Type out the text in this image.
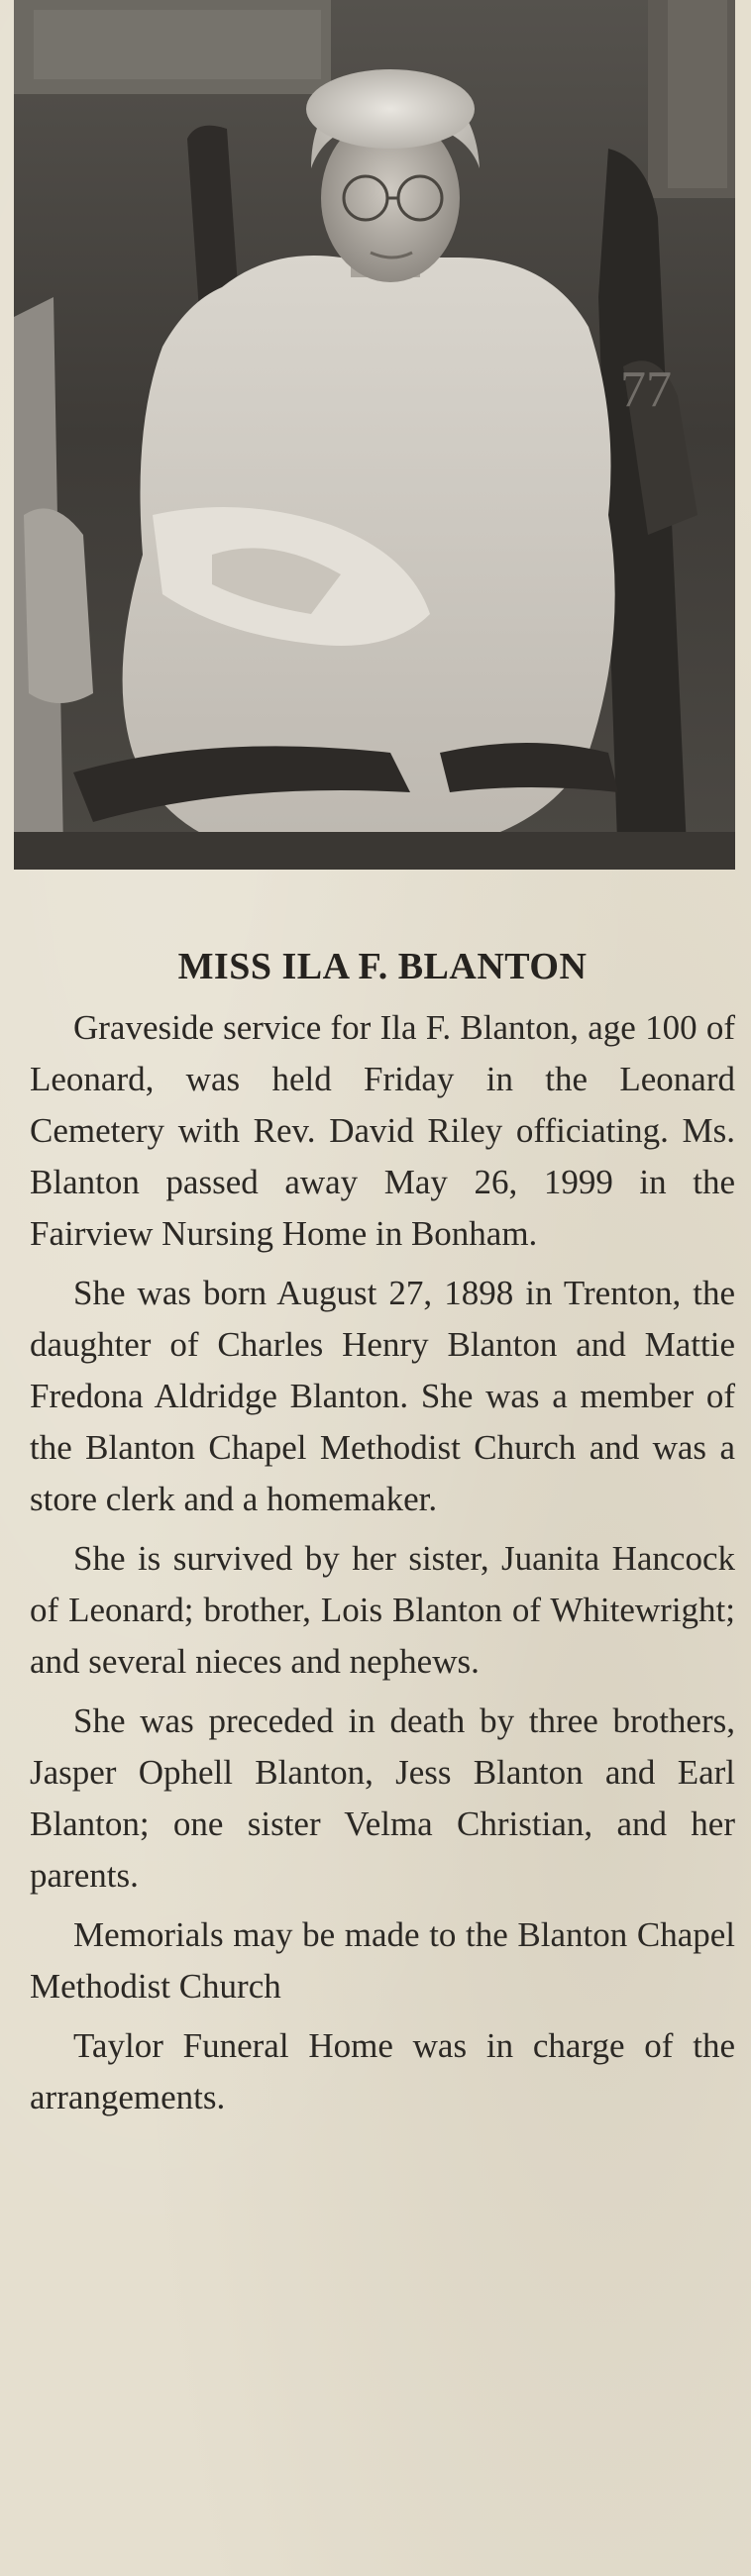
77
MISS ILA F. BLANTON

Graveside service for Ila F. Blanton, age 100 of Leonard, was held Friday in the Leonard Cemetery with Rev. David Riley officiating. Ms. Blanton passed away May 26, 1999 in the Fairview Nursing Home in Bonham.

She was born August 27, 1898 in Trenton, the daughter of Charles Henry Blanton and Mattie Fredona Aldridge Blanton. She was a member of the Blanton Chapel Methodist Church and was a store clerk and a homemaker.

She is survived by her sister, Juanita Hancock of Leonard; brother, Lois Blanton of Whitewright; and several nieces and nephews.

She was preceded in death by three brothers, Jasper Ophell Blanton, Jess Blanton and Earl Blanton; one sister Velma Christian, and her parents.

Memorials may be made to the Blanton Chapel Methodist Church

Taylor Funeral Home was in charge of the arrangements.
